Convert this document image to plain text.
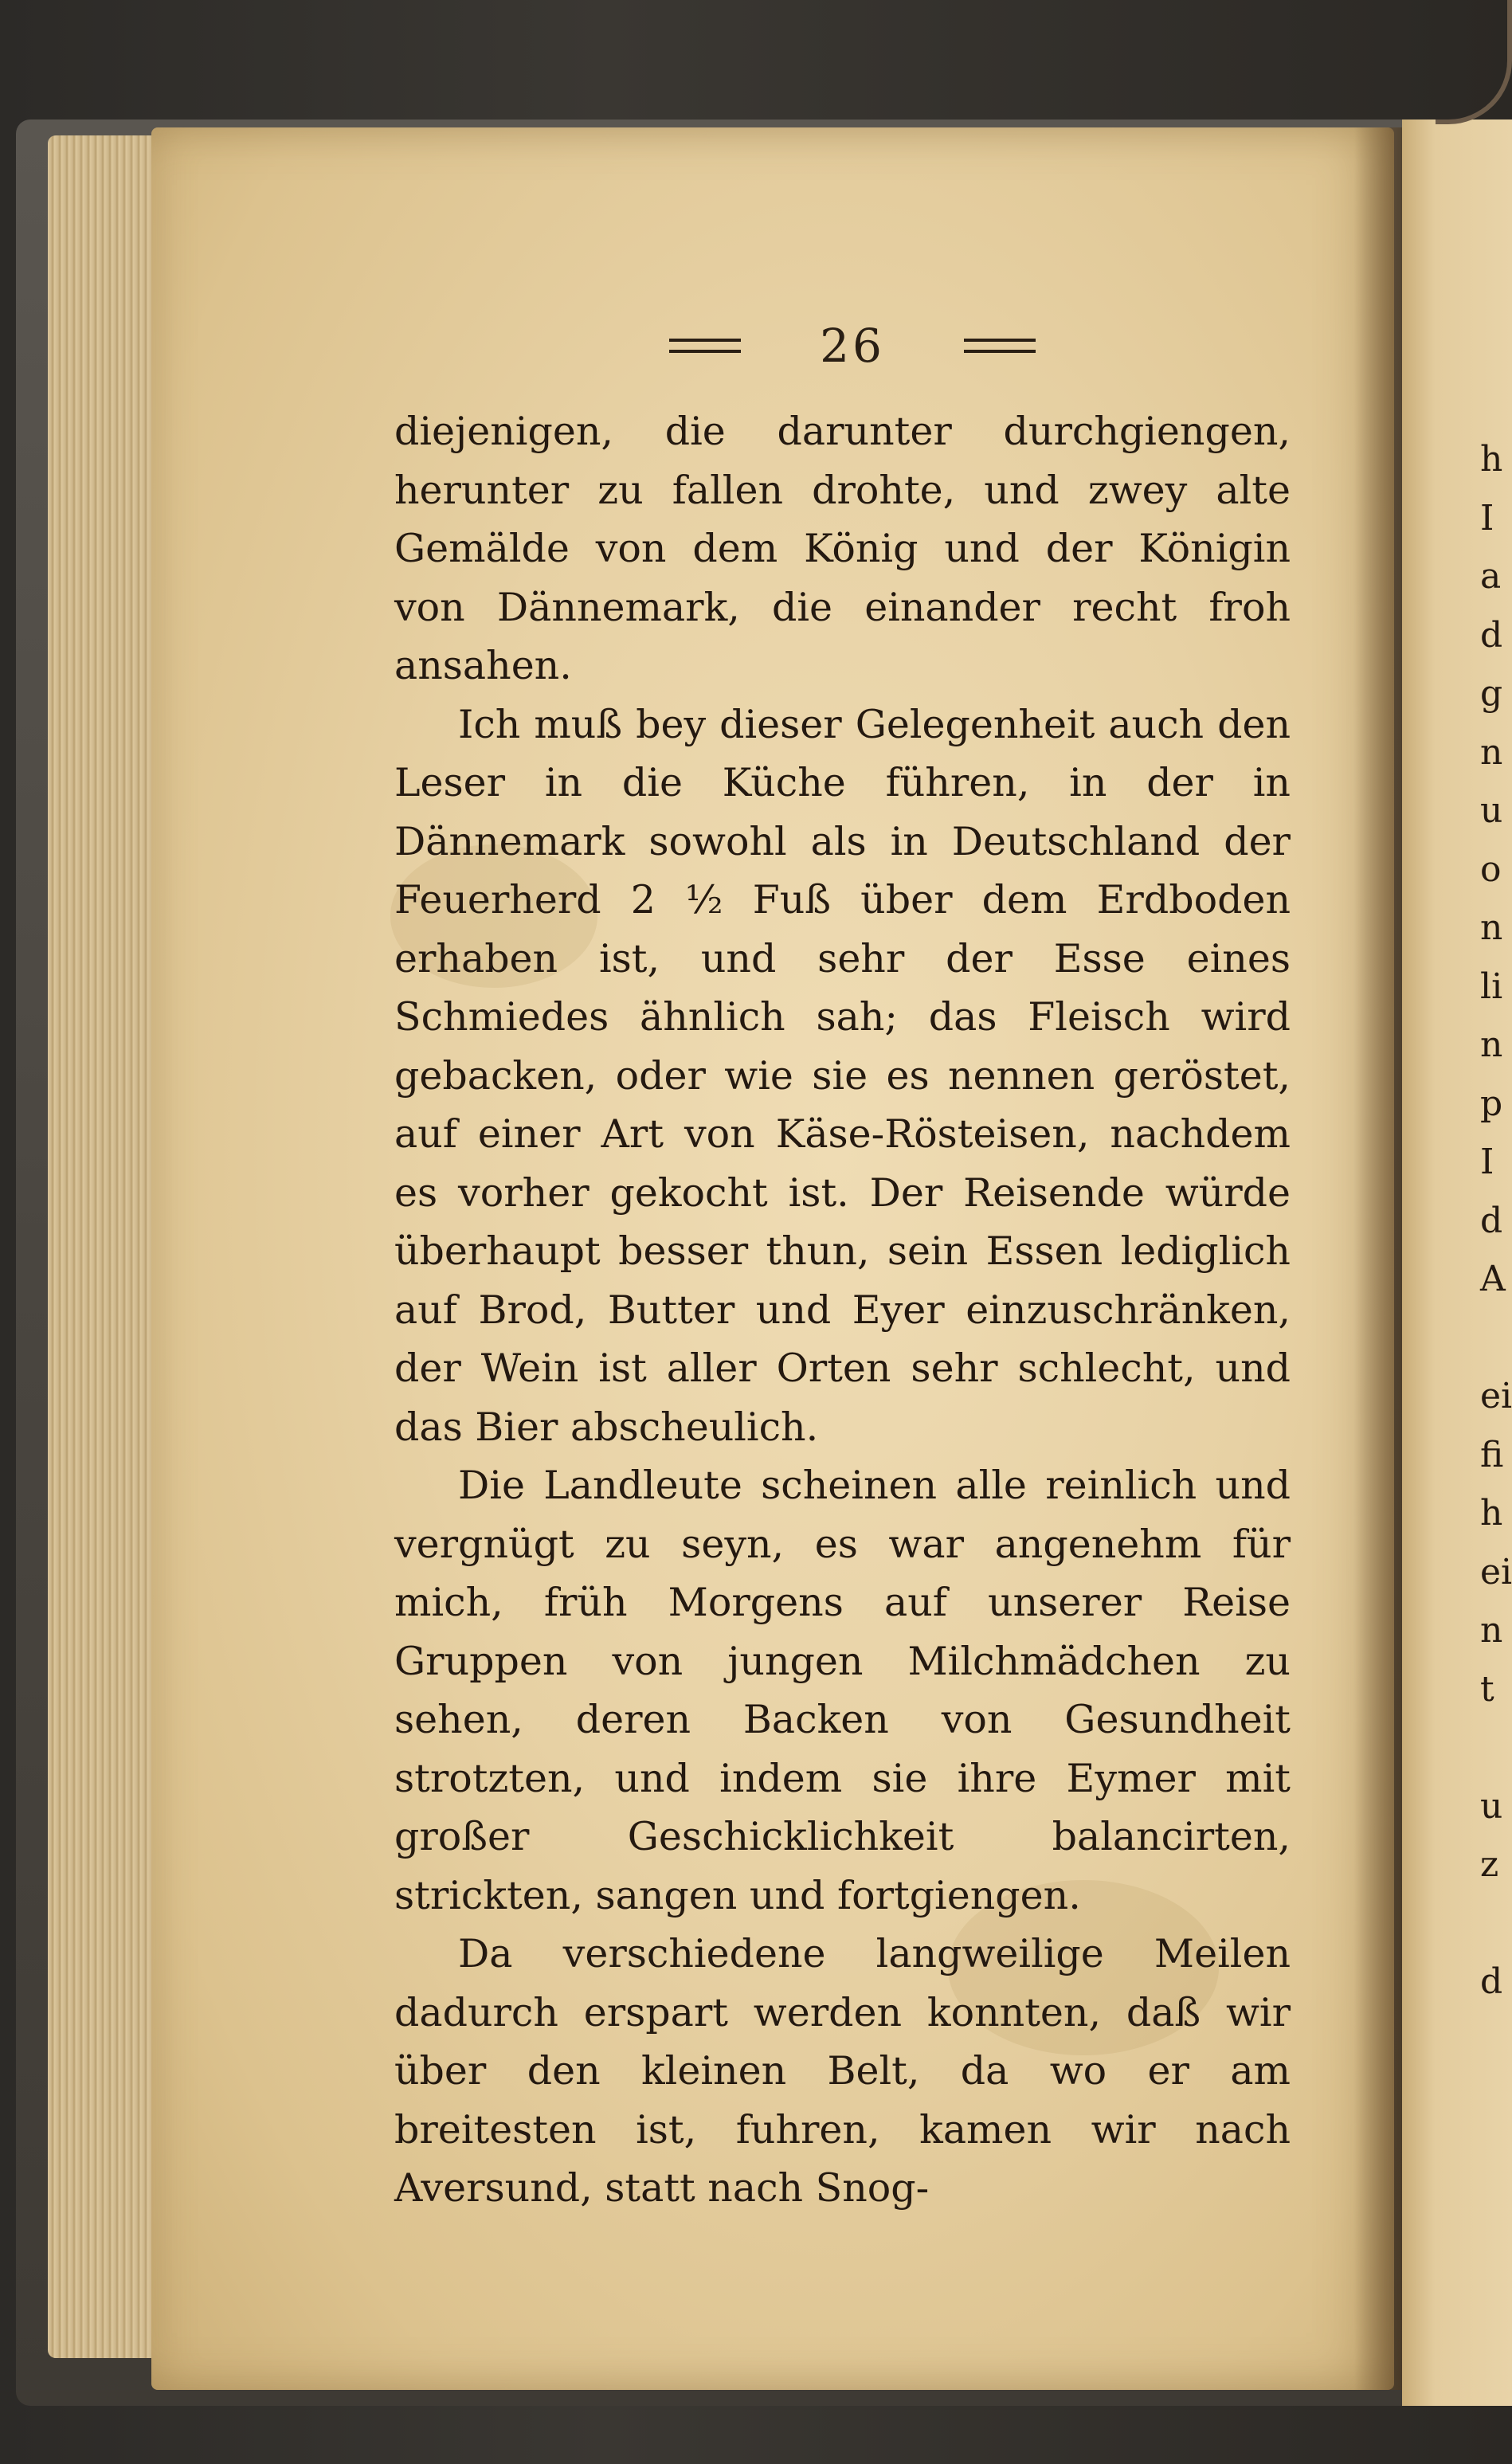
26

diejenigen, die darunter durchgiengen, herunter zu fallen drohte, und zwey alte Gemälde von dem König und der Königin von Dännemark, die einander recht froh ansahen.

Ich muß bey dieser Gelegenheit auch den Leser in die Küche führen, in der in Dännemark sowohl als in Deutschland der Feuerherd 2 ½ Fuß über dem Erdboden erhaben ist, und sehr der Esse eines Schmiedes ähnlich sah; das Fleisch wird gebacken, oder wie sie es nennen geröstet, auf einer Art von Käse-Rösteisen, nachdem es vorher gekocht ist. Der Reisende würde überhaupt besser thun, sein Essen lediglich auf Brod, Butter und Eyer einzuschränken, der Wein ist aller Orten sehr schlecht, und das Bier abscheulich.

Die Landleute scheinen alle reinlich und vergnügt zu seyn, es war angenehm für mich, früh Morgens auf unserer Reise Gruppen von jungen Milchmädchen zu sehen, deren Backen von Gesundheit strotzten, und indem sie ihre Eymer mit großer Geschicklichkeit balancirten, strickten, sangen und fortgiengen.

Da verschiedene langweilige Meilen dadurch erspart werden konnten, daß wir über den kleinen Belt, da wo er am breitesten ist, fuhren, kamen wir nach Aversund, statt nach Snog-

h
I
a
d
g
n
u
o
n
li
n
p
I
d
A
ei
fi
h
ei
n
t
u
z
d
